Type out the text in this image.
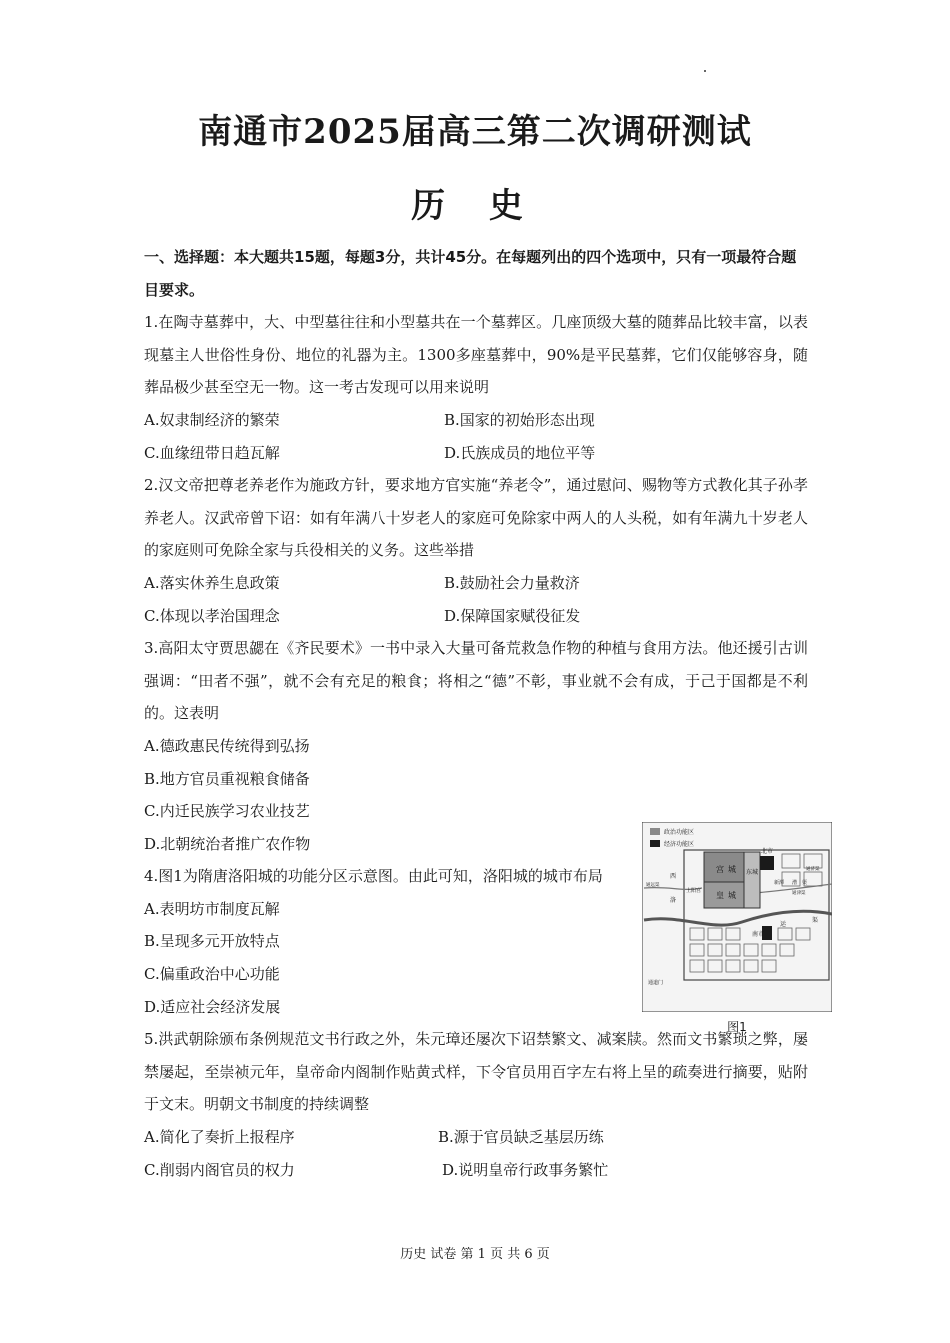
南通市2025届高三第二次调研测试
历 史
一、选择题：本大题共15题，每题3分，共计45分。在每题列出的四个选项中，只有一项最符合题目要求。

1.在陶寺墓葬中，大、中型墓往往和小型墓共在一个墓葬区。几座顶级大墓的随葬品比较丰富，以表现墓主人世俗性身份、地位的礼器为主。1300多座墓葬中，90%是平民墓葬，它们仅能够容身，随葬品极少甚至空无一物。这一考古发现可以用来说明

A.奴隶制经济的繁荣	B.国家的初始形态出现
C.血缘纽带日趋瓦解	D.氏族成员的地位平等

2.汉文帝把尊老养老作为施政方针，要求地方官实施“养老令”，通过慰问、赐物等方式教化其子孙孝养老人。汉武帝曾下诏：如有年满八十岁老人的家庭可免除家中两人的人头税，如有年满九十岁老人的家庭则可免除全家与兵役相关的义务。这些举措

A.落实休养生息政策	B.鼓励社会力量救济
C.体现以孝治国理念	D.保障国家赋役征发

3.高阳太守贾思勰在《齐民要术》一书中录入大量可备荒救急作物的种植与食用方法。他还援引古训强调：“田者不强”，就不会有充足的粮食；将相之“德”不彰，事业就不会有成，于己于国都是不利的。这表明

A.德政惠民传统得到弘扬

B.地方官员重视粮食储备

C.内迁民族学习农业技艺

D.北朝统治者推广农作物

4.图1为隋唐洛阳城的功能分区示意图。由此可知，洛阳城的城市布局

A.表明坊市制度瓦解

B.呈现多元开放特点

C.偏重政治中心功能

D.适应社会经济发展

5.洪武朝除颁布条例规范文书行政之外，朱元璋还屡次下诏禁繁文、减案牍。然而文书繁琐之弊，屡禁屡起，至崇祯元年，皇帝命内阁制作贴黄式样，下令官员用百字左右将上呈的疏奏进行摘要，贴附于文末。明朝文书制度的持续调整

A.简化了奏折上报程序	B.源于官员缺乏基层历练
C.削弱内阁官员的权力	D.说明皇帝行政事务繁忙
政治功能区
经济功能区
宫 城
皇 城
东城
北市
南市
西
洛
上阳宫
新潭 漕 渠
运
渠
通济渠
通远渠
通津渠
通道门
图1
历史 试卷 第 1 页 共 6 页
